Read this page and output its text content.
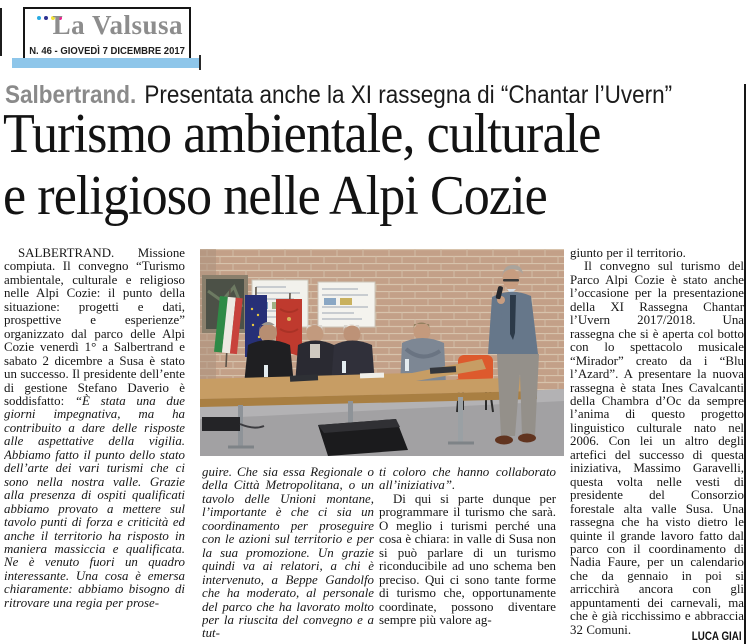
La Valsusa
N. 46 - GIOVEDÌ 7 DICEMBRE 2017
Salbertrand. Presentata anche la XI rassegna di “Chantar l’Uvern”
Turismo ambientale, culturale
e religioso nelle Alpi Cozie

SALBERTRAND. Missione compiuta. Il convegno “Turismo ambientale, culturale e religioso nelle Alpi Cozie: il punto della situazione: progetti e dati, prospettive e esperienze” organizzato dal parco delle Alpi Cozie venerdì 1° a Salbertrand e sabato 2 dicembre a Susa è stato un successo. Il presidente dell’ente di gestione Stefano Daverio è soddisfatto: “È stata una due giorni impegnativa, ma ha contribuito a dare delle risposte alle aspettative della vigilia. Abbiamo fatto il punto dello stato dell’arte dei vari turismi che ci sono nella nostra valle. Grazie alla presenza di ospiti qualificati abbiamo provato a mettere sul tavolo punti di forza e criticità ed anche il territorio ha risposto in maniera massiccia e qualificata. Ne è venuto fuori un quadro interessante. Una cosa è emersa chiaramente: abbiamo bisogno di ritrovare una regia per prose-

guire. Che sia essa Regionale o della Città Metropolitana, o un tavolo delle Unioni montane, l’importante è che ci sia un coordinamento per proseguire con le azioni sul territorio e per la sua promozione. Un grazie quindi va ai relatori, a chi è intervenuto, a Beppe Gandolfo che ha moderato, al personale del parco che ha lavorato molto per la riuscita del convegno e a tut-

ti coloro che hanno collaborato all’iniziativa”.

Di qui si parte dunque per programmare il turismo che sarà. O meglio i turismi perché una cosa è chiara: in valle di Susa non si può parlare di un turismo riconducibile ad uno schema ben preciso. Qui ci sono tante forme di turismo che, opportunamente coordinate, possono diventare sempre più valore ag-

giunto per il territorio.

Il convegno sul turismo del Parco Alpi Cozie è stato anche l’occasione per la presentazione della XI Rassegna Chantar l’Uvern 2017/2018. Una rassegna che si è aperta col botto con lo spettacolo musicale “Mirador” creato da i “Blu l’Azard”. A presentare la nuova rassegna è stata Ines Cavalcanti della Chambra d’Oc da sempre l’anima di questo progetto linguistico culturale nato nel 2006. Con lei un altro degli artefici del successo di questa iniziativa, Massimo Garavelli, questa volta nelle vesti di presidente del Consorzio forestale alta valle Susa. Una rassegna che ha visto dietro le quinte il grande lavoro fatto dal parco con il coordinamento di Nadia Faure, per un calendario che da gennaio in poi si arricchirà ancora con gli appuntamenti dei carnevali, ma che è già ricchissimo e abbraccia 32 Comuni.	LUCA GIAI
